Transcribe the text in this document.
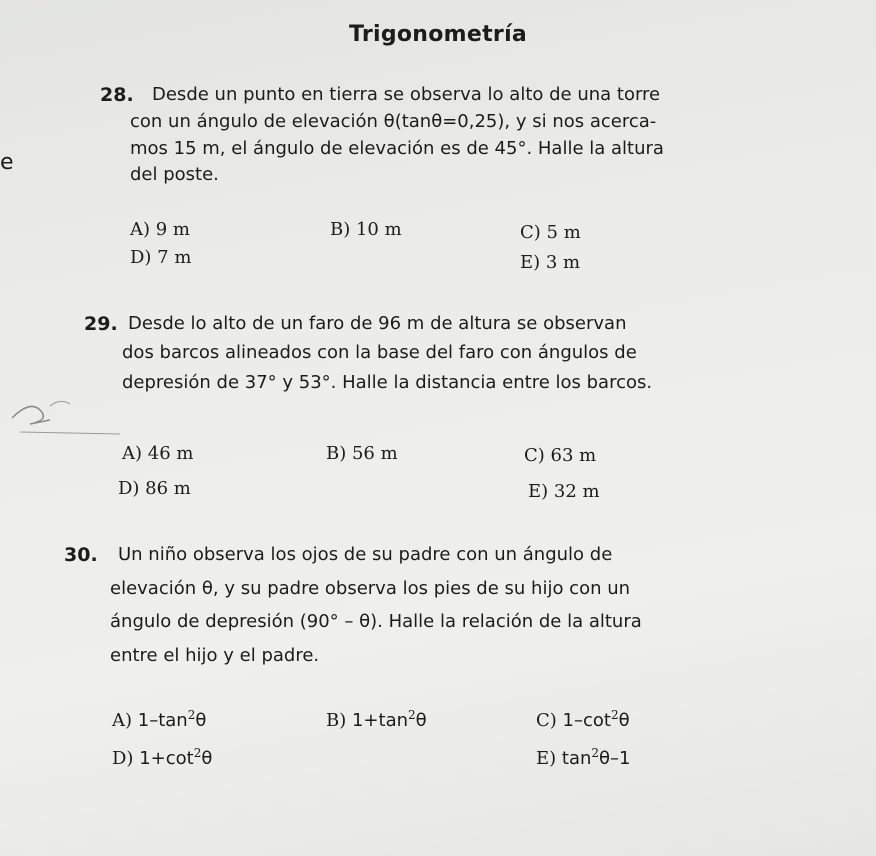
Trigonometría
e
28. Desde un punto en tierra se observa lo alto de una torre
con un ángulo de elevación θ(tanθ=0,25), y si nos acerca-
mos 15 m, el ángulo de elevación es de 45°. Halle la altura
del poste.
A) 9 m	B) 10 m	C) 5 m
D) 7 m	E) 3 m
29. Desde lo alto de un faro de 96 m de altura se observan
dos barcos alineados con la base del faro con ángulos de
depresión de 37° y 53°. Halle la distancia entre los barcos.
A) 46 m	B) 56 m	C) 63 m
D) 86 m	E) 32 m
30. Un niño observa los ojos de su padre con un ángulo de
elevación θ, y su padre observa los pies de su hijo con un
ángulo de depresión (90° – θ). Halle la relación de la altura
entre el hijo y el padre.
A) $1-\tan^2\theta$	B) $1+\tan^2\theta$	C) $1-\cot^2\theta$
D) $1+\cot^2\theta$	E) $\tan^2\theta-1$
